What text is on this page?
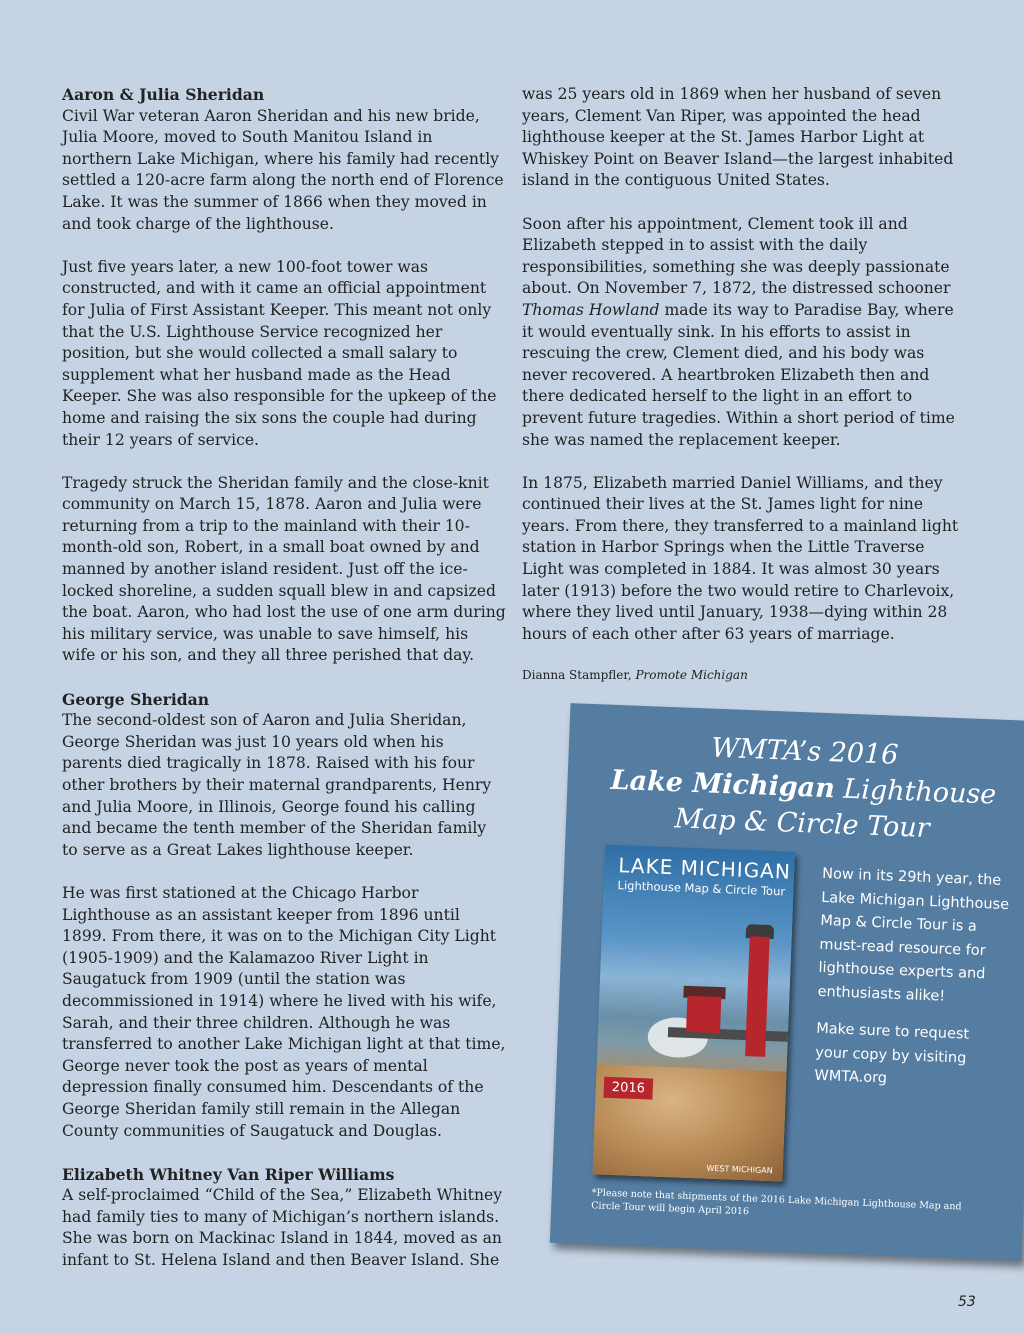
Aaron & Julia Sheridan

Civil War veteran Aaron Sheridan and his new bride, Julia Moore, moved to South Manitou Island in northern Lake Michigan, where his family had recently settled a 120-acre farm along the north end of Florence Lake. It was the summer of 1866 when they moved in and took charge of the lighthouse.

Just five years later, a new 100-foot tower was constructed, and with it came an official appointment for Julia of First Assistant Keeper. This meant not only that the U.S. Lighthouse Service recognized her position, but she would collected a small salary to supplement what her husband made as the Head Keeper. She was also responsible for the upkeep of the home and raising the six sons the couple had during their 12 years of service.

Tragedy struck the Sheridan family and the close-knit community on March 15, 1878. Aaron and Julia were returning from a trip to the mainland with their 10-month-old son, Robert, in a small boat owned by and manned by another island resident. Just off the ice-locked shoreline, a sudden squall blew in and capsized the boat. Aaron, who had lost the use of one arm during his military service, was unable to save himself, his wife or his son, and they all three perished that day.

George Sheridan

The second-oldest son of Aaron and Julia Sheridan, George Sheridan was just 10 years old when his parents died tragically in 1878. Raised with his four other brothers by their maternal grandparents, Henry and Julia Moore, in Illinois, George found his calling and became the tenth member of the Sheridan family to serve as a Great Lakes lighthouse keeper.

He was first stationed at the Chicago Harbor Lighthouse as an assistant keeper from 1896 until 1899. From there, it was on to the Michigan City Light (1905-1909) and the Kalamazoo River Light in Saugatuck from 1909 (until the station was decommissioned in 1914) where he lived with his wife, Sarah, and their three children. Although he was transferred to another Lake Michigan light at that time, George never took the post as years of mental depression finally consumed him. Descendants of the George Sheridan family still remain in the Allegan County communities of Saugatuck and Douglas.

Elizabeth Whitney Van Riper Williams

A self-proclaimed “Child of the Sea,” Elizabeth Whitney had family ties to many of Michigan’s northern islands. She was born on Mackinac Island in 1844, moved as an infant to St. Helena Island and then Beaver Island. She

was 25 years old in 1869 when her husband of seven years, Clement Van Riper, was appointed the head lighthouse keeper at the St. James Harbor Light at Whiskey Point on Beaver Island—the largest inhabited island in the contiguous United States.

Soon after his appointment, Clement took ill and Elizabeth stepped in to assist with the daily responsibilities, something she was deeply passionate about. On November 7, 1872, the distressed schooner Thomas Howland made its way to Paradise Bay, where it would eventually sink. In his efforts to assist in rescuing the crew, Clement died, and his body was never recovered. A heartbroken Elizabeth then and there dedicated herself to the light in an effort to prevent future tragedies. Within a short period of time she was named the replacement keeper.

In 1875, Elizabeth married Daniel Williams, and they continued their lives at the St. James light for nine years. From there, they transferred to a mainland light station in Harbor Springs when the Little Traverse Light was completed in 1884. It was almost 30 years later (1913) before the two would retire to Charlevoix, where they lived until January, 1938—dying within 28 hours of each other after 63 years of marriage.

Dianna Stampfler, Promote Michigan

WMTA’s 2016
Lake Michigan Lighthouse
Map & Circle Tour
LAKE MICHIGAN
Lighthouse Map & Circle Tour
2016
WEST MICHIGAN

Now in its 29th year, the Lake Michigan Lighthouse Map & Circle Tour is a must-read resource for lighthouse experts and enthusiasts alike!

Make sure to request your copy by visiting WMTA.org

*Please note that shipments of the 2016 Lake Michigan Lighthouse Map and Circle Tour will begin April 2016
53
